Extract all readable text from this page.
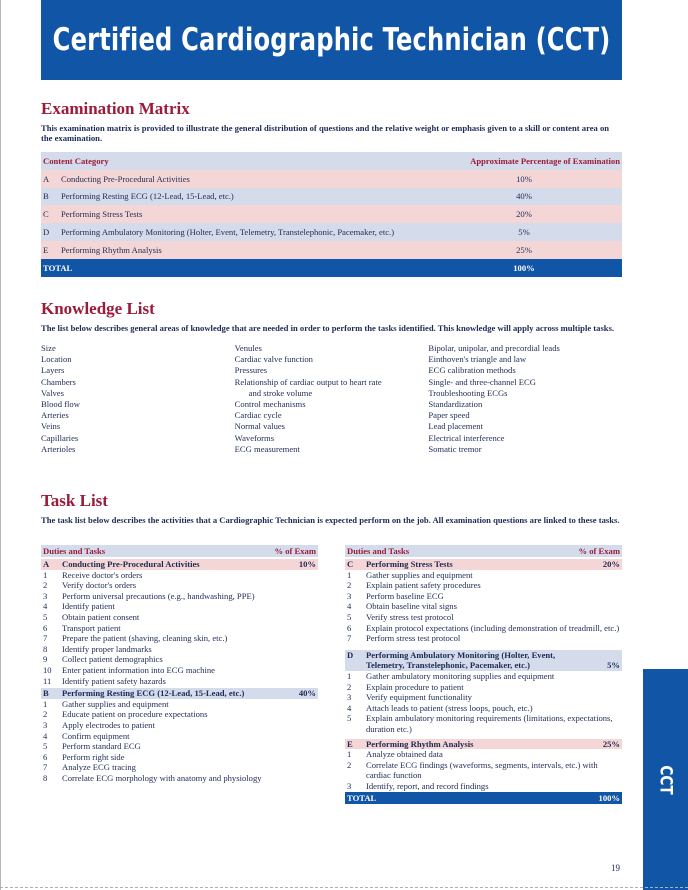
Certified Cardiographic Technician (CCT)
Examination Matrix

This examination matrix is provided to illustrate the general distribution of questions and the relative weight or emphasis given to a skill or content area on the examination.

Content Category		Approximate Percentage of Examination
A	Conducting Pre-Procedural Activities	10%
B	Performing Resting ECG (12-Lead, 15-Lead, etc.)	40%
C	Performing Stress Tests	20%
D	Performing Ambulatory Monitoring (Holter, Event, Telemetry, Transtelephonic, Pacemaker, etc.)	5%
E	Performing Rhythm Analysis	25%
TOTAL		100%
Knowledge List

The list below describes general areas of knowledge that are needed in order to perform the tasks identified. This knowledge will apply across multiple tasks.

Size
Location
Layers
Chambers
Valves
Blood flow
Arteries
Veins
Capillaries
Arterioles
Venules
Cardiac valve function
Pressures
Relationship of cardiac output to heart rate
and stroke volume
Control mechanisms
Cardiac cycle
Normal values
Waveforms
ECG measurement
Bipolar, unipolar, and precordial leads
Einthoven's triangle and law
ECG calibration methods
Single- and three-channel ECG
Troubleshooting ECGs
Standardization
Paper speed
Lead placement
Electrical interference
Somatic tremor
Task List

The task list below describes the activities that a Cardiographic Technician is expected perform on the job. All examination questions are linked to these tasks.

Duties and Tasks	% of Exam
A	Conducting Pre-Procedural Activities	10%
1	Receive doctor's orders
2	Verify doctor's orders
3	Perform universal precautions (e.g., handwashing, PPE)
4	Identify patient
5	Obtain patient consent
6	Transport patient
7	Prepare the patient (shaving, cleaning skin, etc.)
8	Identify proper landmarks
9	Collect patient demographics
10	Enter patient information into ECG machine
11	Identify patient safety hazards
B	Performing Resting ECG (12-Lead, 15-Lead, etc.)	40%
1	Gather supplies and equipment
2	Educate patient on procedure expectations
3	Apply electrodes to patient
4	Confirm equipment
5	Perform standard ECG
6	Perform right side
7	Analyze ECG tracing
8	Correlate ECG morphology with anatomy and physiology
Duties and Tasks	% of Exam
C	Performing Stress Tests	20%
1	Gather supplies and equipment
2	Explain patient safety procedures
3	Perform baseline ECG
4	Obtain baseline vital signs
5	Verify stress test protocol
6	Explain protocol expectations (including demonstration of treadmill, etc.)
7	Perform stress test protocol
D	Performing Ambulatory Monitoring (Holter, Event, Telemetry, Transtelephonic, Pacemaker, etc.)	5%
1	Gather ambulatory monitoring supplies and equipment
2	Explain procedure to patient
3	Verify equipment functionality
4	Attach leads to patient (stress loops, pouch, etc.)
5	Explain ambulatory monitoring requirements (limitations, expectations, duration etc.)
E	Performing Rhythm Analysis	25%
1	Analyze obtained data
2	Correlate ECG findings (waveforms, segments, intervals, etc.) with cardiac function
3	Identify, report, and record findings
TOTAL	100%
19
CCT
